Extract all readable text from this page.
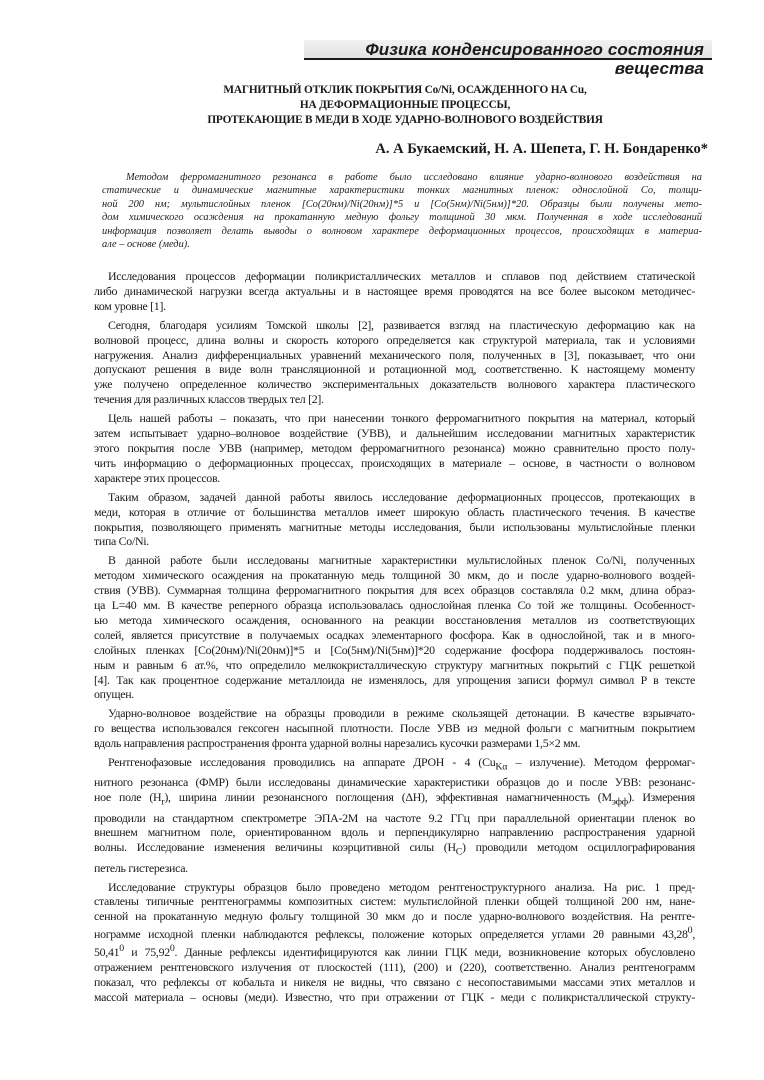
Физика конденсированного состояния вещества
МАГНИТНЫЙ ОТКЛИК ПОКРЫТИЯ Co/Ni, ОСАЖДЕННОГО НА Cu,
НА ДЕФОРМАЦИОННЫЕ ПРОЦЕССЫ,
ПРОТЕКАЮЩИЕ В МЕДИ В ХОДЕ УДАРНО-ВОЛНОВОГО ВОЗДЕЙСТВИЯ
А. А Букаемский, Н. А. Шепета, Г. Н. Бондаренко*
Методом ферромагнитного резонанса в работе было исследовано влияние ударно-волнового воздействия на
статические и динамические магнитные характеристики тонких магнитных пленок: однослойной Co, толщи-
ной 200 нм; мультислойных пленок [Co(20нм)/Ni(20нм)]*5 и [Co(5нм)/Ni(5нм)]*20. Образцы были получены мето-
дом химического осаждения на прокатанную медную фольгу толщиной 30 мкм. Полученная в ходе исследований
информация позволяет делать выводы о волновом характере деформационных процессов, происходящих в материа-
але – основе (меди).

Исследования процессов деформации поликристаллических металлов и сплавов под действием статической
либо динамической нагрузки всегда актуальны и в настоящее время проводятся на все более высоком методичес-
ком уровне [1].

Сегодня, благодаря усилиям Томской школы [2], развивается взгляд на пластическую деформацию как на
волновой процесс, длина волны и скорость которого определяется как структурой материала, так и условиями
нагружения. Анализ дифференциальных уравнений механического поля, полученных в [3], показывает, что они
допускают решения в виде волн трансляционной и ротационной мод, соответственно. К настоящему моменту
уже получено определенное количество экспериментальных доказательств волнового характера пластического
течения для различных классов твердых тел [2].

Цель нашей работы – показать, что при нанесении тонкого ферромагнитного покрытия на материал, который
затем испытывает ударно–волновое воздействие (УВВ), и дальнейшим исследовании магнитных характеристик
этого покрытия после УВВ (например, методом ферромагнитного резонанса) можно сравнительно просто полу-
чить информацию о деформационных процессах, происходящих в материале – основе, в частности о волновом
характере этих процессов.

Таким образом, задачей данной работы явилось исследование деформационных процессов, протекающих в
меди, которая в отличие от большинства металлов имеет широкую область пластического течения. В качестве
покрытия, позволяющего применять магнитные методы исследования, были использованы мультислойные пленки
типа Co/Ni.

В данной работе были исследованы магнитные характеристики мультислойных пленок Co/Ni, полученных
методом химического осаждения на прокатанную медь толщиной 30 мкм, до и после ударно-волнового воздей-
ствия (УВВ). Суммарная толщина ферромагнитного покрытия для всех образцов составляла 0.2 мкм, длина образ-
ца L=40 мм. В качестве реперного образца использовалась однослойная пленка Co той же толщины. Особенност-
ью метода химического осаждения, основанного на реакции восстановления металлов из соответствующих
солей, является присутствие в получаемых осадках элементарного фосфора. Как в однослойной, так и в много-
слойных пленках [Co(20нм)/Ni(20нм)]*5 и [Co(5нм)/Ni(5нм)]*20 содержание фосфора поддерживалось постоян-
ным и равным 6 ат.%, что определило мелкокристаллическую структуру магнитных покрытий с ГЦК решеткой
[4]. Так как процентное содержание металлоида не изменялось, для упрощения записи формул символ P в тексте
опущен.

Ударно-волновое воздействие на образцы проводили в режиме скользящей детонации. В качестве взрывчато-
го вещества использовался гексоген насыпной плотности. После УВВ из медной фольги с магнитным покрытием
вдоль направления распространения фронта ударной волны нарезались кусочки размерами 1,5×2 мм.

Рентгенофазовые исследования проводились на аппарате ДРОН - 4 ($Cu_{K\alpha}$ – излучение). Методом ферромаг-
нитного резонанса (ФМР) были исследованы динамические характеристики образцов до и после УВВ: резонанс-
ное поле $(H_r)$, ширина линии резонансного поглощения (ΔH), эффективная намагниченность $(M_{эфф})$. Измерения
проводили на стандартном спектрометре ЭПА-2М на частоте 9.2 ГГц при параллельной ориентации пленок во
внешнем магнитном поле, ориентированном вдоль и перпендикулярно направлению распространения ударной
волны. Исследование изменения величины коэрцитивной силы $(H_C)$ проводили методом осциллографирования
петель гистерезиса.

Исследование структуры образцов было проведено методом рентгеноструктурного анализа. На рис. 1 пред-
ставлены типичные рентгенограммы композитных систем: мультислойной пленки общей толщиной 200 нм, нане-
сенной на прокатанную медную фольгу толщиной 30 мкм до и после ударно-волнового воздействия. На рентге-
нограмме исходной пленки наблюдаются рефлексы, положение которых определяется углами 2θ равными 43,28$^0$,
50,41$^0$ и 75,92$^0$. Данные рефлексы идентифицируются как линии ГЦК меди, возникновение которых обусловлено
отражением рентгеновского излучения от плоскостей (111), (200) и (220), соответственно. Анализ рентгенограмм
показал, что рефлексы от кобальта и никеля не видны, что связано с несопоставимыми массами этих металлов и
массой материала – основы (меди). Известно, что при отражении от ГЦК - меди с поликристаллической структу-
